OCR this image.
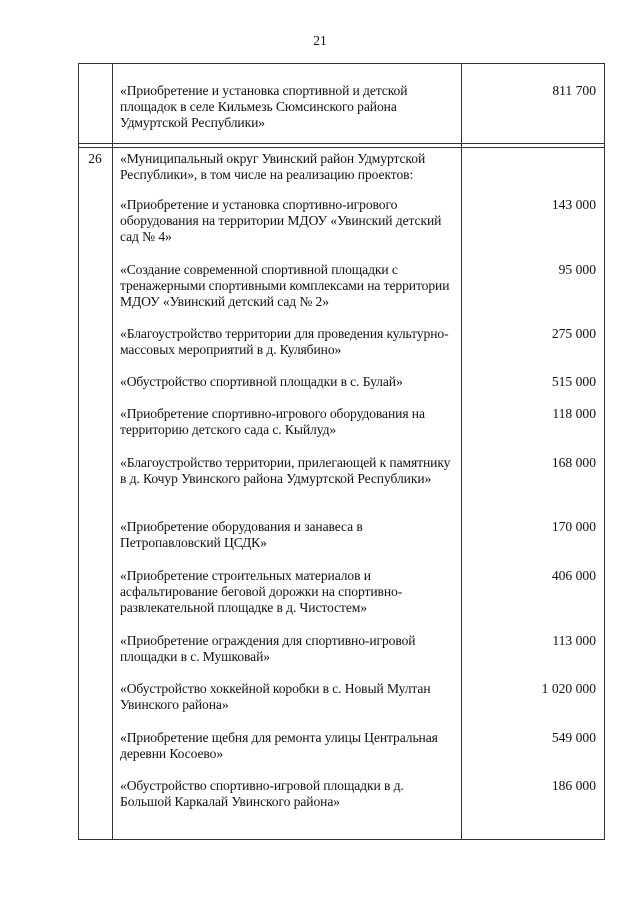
21
«Приобретение и установка спортивной и детской площадок в селе Кильмезь Сюмсинского района Удмуртской Республики»
811 700
26	«Муниципальный округ Увинский район Удмуртской Республики», в том числе на реализацию проектов:
«Приобретение и установка спортивно-игрового оборудования на территории МДОУ «Увинский детский сад № 4»
143 000
«Создание современной спортивной площадки с тренажерными спортивными комплексами на территории МДОУ «Увинский детский сад № 2»
95 000
«Благоустройство территории для проведения культурно-массовых мероприятий в д. Кулябино»
275 000
«Обустройство спортивной площадки в с. Булай»	515 000
«Приобретение спортивно-игрового оборудования на территорию детского сада с. Кыйлуд»
118 000
«Благоустройство территории, прилегающей к памятнику в д. Кочур Увинского района Удмуртской Республики»
168 000
«Приобретение оборудования и занавеса в Петропавловский ЦСДК»
170 000
«Приобретение строительных материалов и асфальтирование беговой дорожки на спортивно-развлекательной площадке в д. Чистостем»
406 000
«Приобретение ограждения для спортивно-игровой площадки в с. Мушковай»
113 000
«Обустройство хоккейной коробки в с. Новый Мултан Увинского района»
1 020 000
«Приобретение щебня для ремонта улицы Центральная деревни Косоево»
549 000
«Обустройство спортивно-игровой площадки в д. Большой Каркалай Увинского района»
186 000
